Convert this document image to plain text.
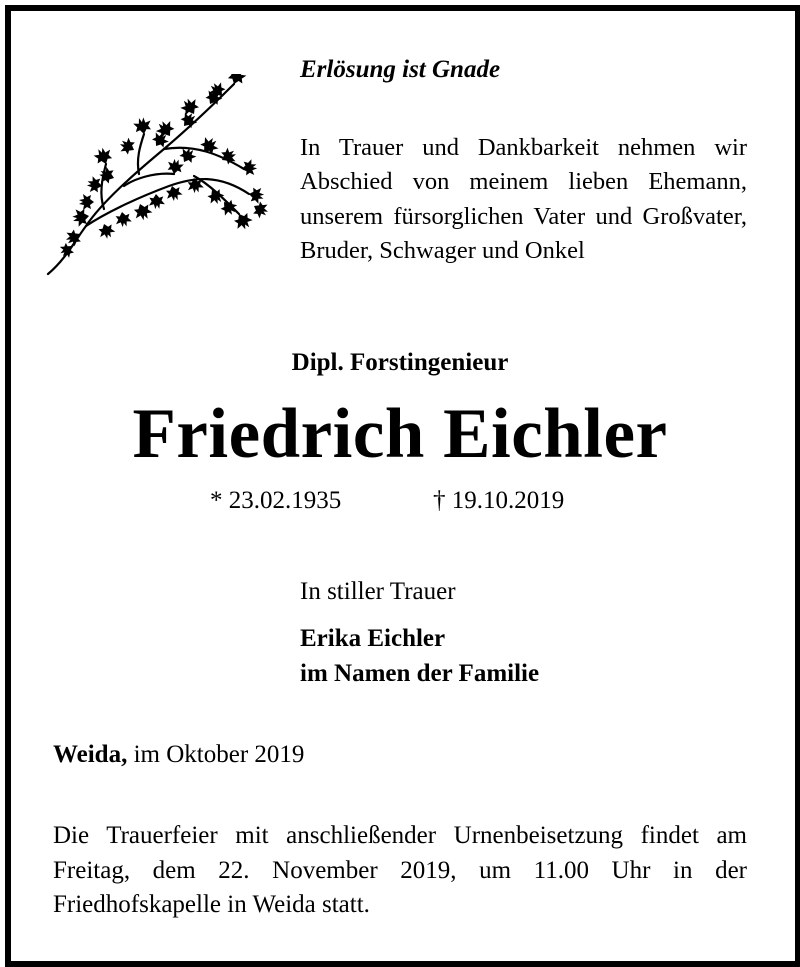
Erlösung ist Gnade
In Trauer und Dankbarkeit nehmen wir Abschied von meinem lieben Ehemann, unserem fürsorglichen Vater und Großvater, Bruder, Schwager und Onkel
Dipl. Forstingenieur
Friedrich Eichler
* 23.02.1935	† 19.10.2019
In stiller Trauer
Erika Eichler
im Namen der Familie
Weida, im Oktober 2019
Die Trauerfeier mit anschließender Urnenbeisetzung findet am Freitag, dem 22. November 2019, um 11.00 Uhr in der Friedhofskapelle in Weida statt.
